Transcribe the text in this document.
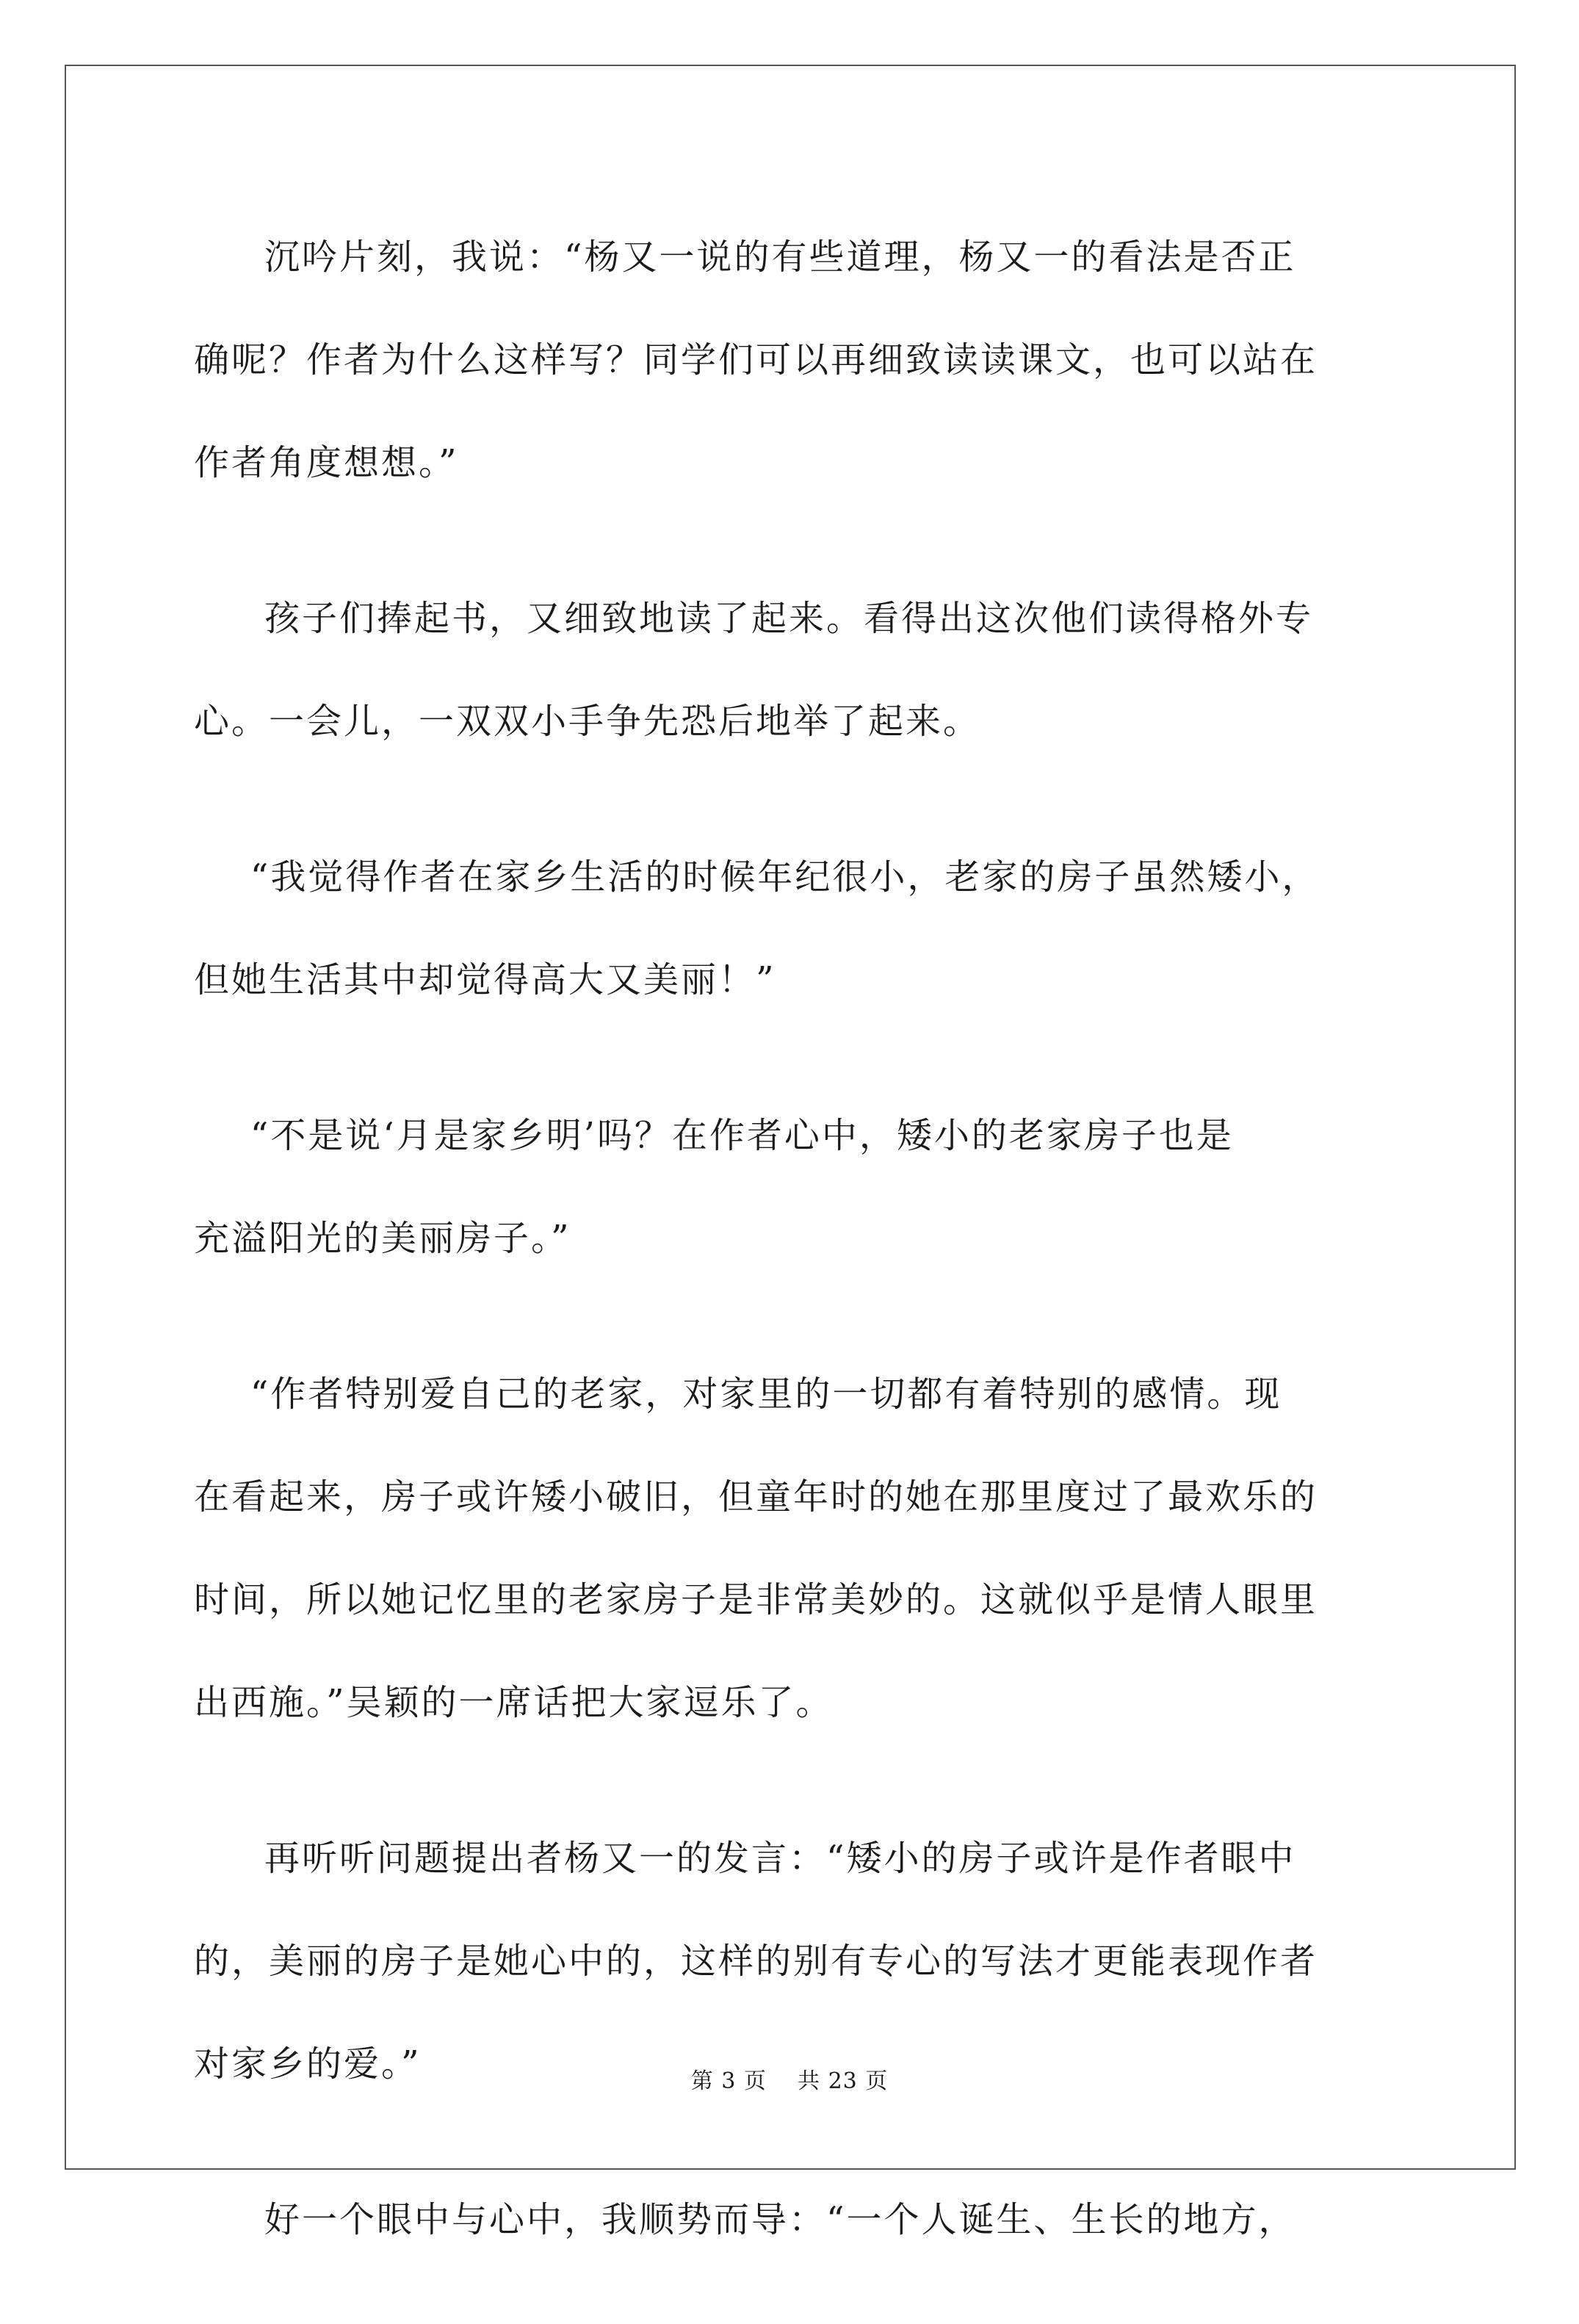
沉吟片刻，我说：“杨又一说的有些道理，杨又一的看法是否正
确呢？作者为什么这样写？同学们可以再细致读读课文，也可以站在
作者角度想想。”

孩子们捧起书，又细致地读了起来。看得出这次他们读得格外专
心。一会儿，一双双小手争先恐后地举了起来。

“我觉得作者在家乡生活的时候年纪很小，老家的房子虽然矮小，
但她生活其中却觉得高大又美丽！”

“不是说‘月是家乡明’吗？在作者心中，矮小的老家房子也是
充溢阳光的美丽房子。”

“作者特别爱自己的老家，对家里的一切都有着特别的感情。现
在看起来，房子或许矮小破旧，但童年时的她在那里度过了最欢乐的
时间，所以她记忆里的老家房子是非常美妙的。这就似乎是情人眼里
出西施。”吴颖的一席话把大家逗乐了。

再听听问题提出者杨又一的发言：“矮小的房子或许是作者眼中
的，美丽的房子是她心中的，这样的别有专心的写法才更能表现作者
对家乡的爱。”

好一个眼中与心中，我顺势而导：“一个人诞生、生长的地方，

第 3 页 共 23 页
